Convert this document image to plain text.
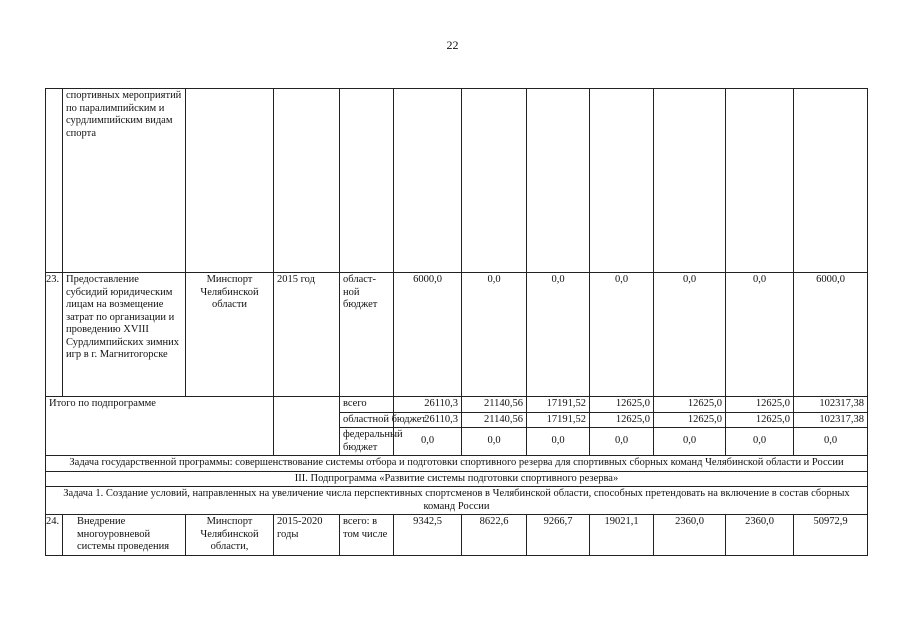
22
	спортивных мероприятий по паралимпийским и сурдлимпийским видам спорта										
23.	Предоставление субсидий юридическим лицам на возмещение затрат по организации и проведению XVIII Сурдлимпийских зимних игр в г. Магнитогорске	Минспорт Челябинской области	2015 год	област-ной бюджет	6000,0	0,0	0,0	0,0	0,0	0,0	6000,0
Итого по подпрограмме				всего	26110,3	21140,56	17191,52	12625,0	12625,0	12625,0	102317,38
				областной бюджет	26110,3	21140,56	17191,52	12625,0	12625,0	12625,0	102317,38
				федеральный бюджет	0,0	0,0	0,0	0,0	0,0	0,0	0,0
Задача государственной программы: совершенствование системы отбора и подготовки спортивного резерва для спортивных сборных команд Челябинской области и России											
III. Подпрограмма «Развитие системы подготовки спортивного резерва»											
Задача 1. Создание условий, направленных на увеличение числа перспективных спортсменов в Челябинской области, способных претендовать на включение в состав сборных команд России											
24.	Внедрение многоуровневой системы проведения	Минспорт Челябинской области,	2015-2020 годы	всего: в том числе	9342,5	8622,6	9266,7	19021,1	2360,0	2360,0	50972,9
